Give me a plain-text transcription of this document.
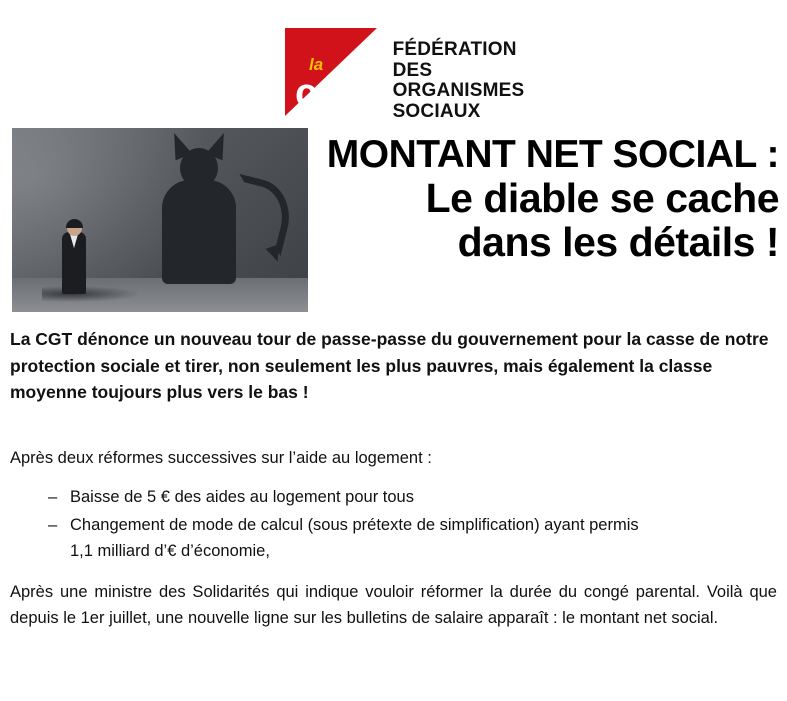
la
cgt
FÉDÉRATION
DES
ORGANISMES
SOCIAUX
MONTANT NET SOCIAL :
Le diable se cache
dans les détails !
La CGT dénonce un nouveau tour de passe-passe du gouvernement pour la casse de notre protection sociale et tirer, non seulement les plus pauvres, mais également la classe moyenne toujours plus vers le bas !

Après deux réformes successives sur l’aide au logement :

– Baisse de 5 € des aides au logement pour tous
– Changement de mode de calcul (sous prétexte de simplification) ayant permis
1,1 milliard d’€ d’économie,

Après une ministre des Solidarités qui indique vouloir réformer la durée du congé parental. Voilà que depuis le 1er juillet, une nouvelle ligne sur les bulletins de salaire apparaît : le montant net social.
